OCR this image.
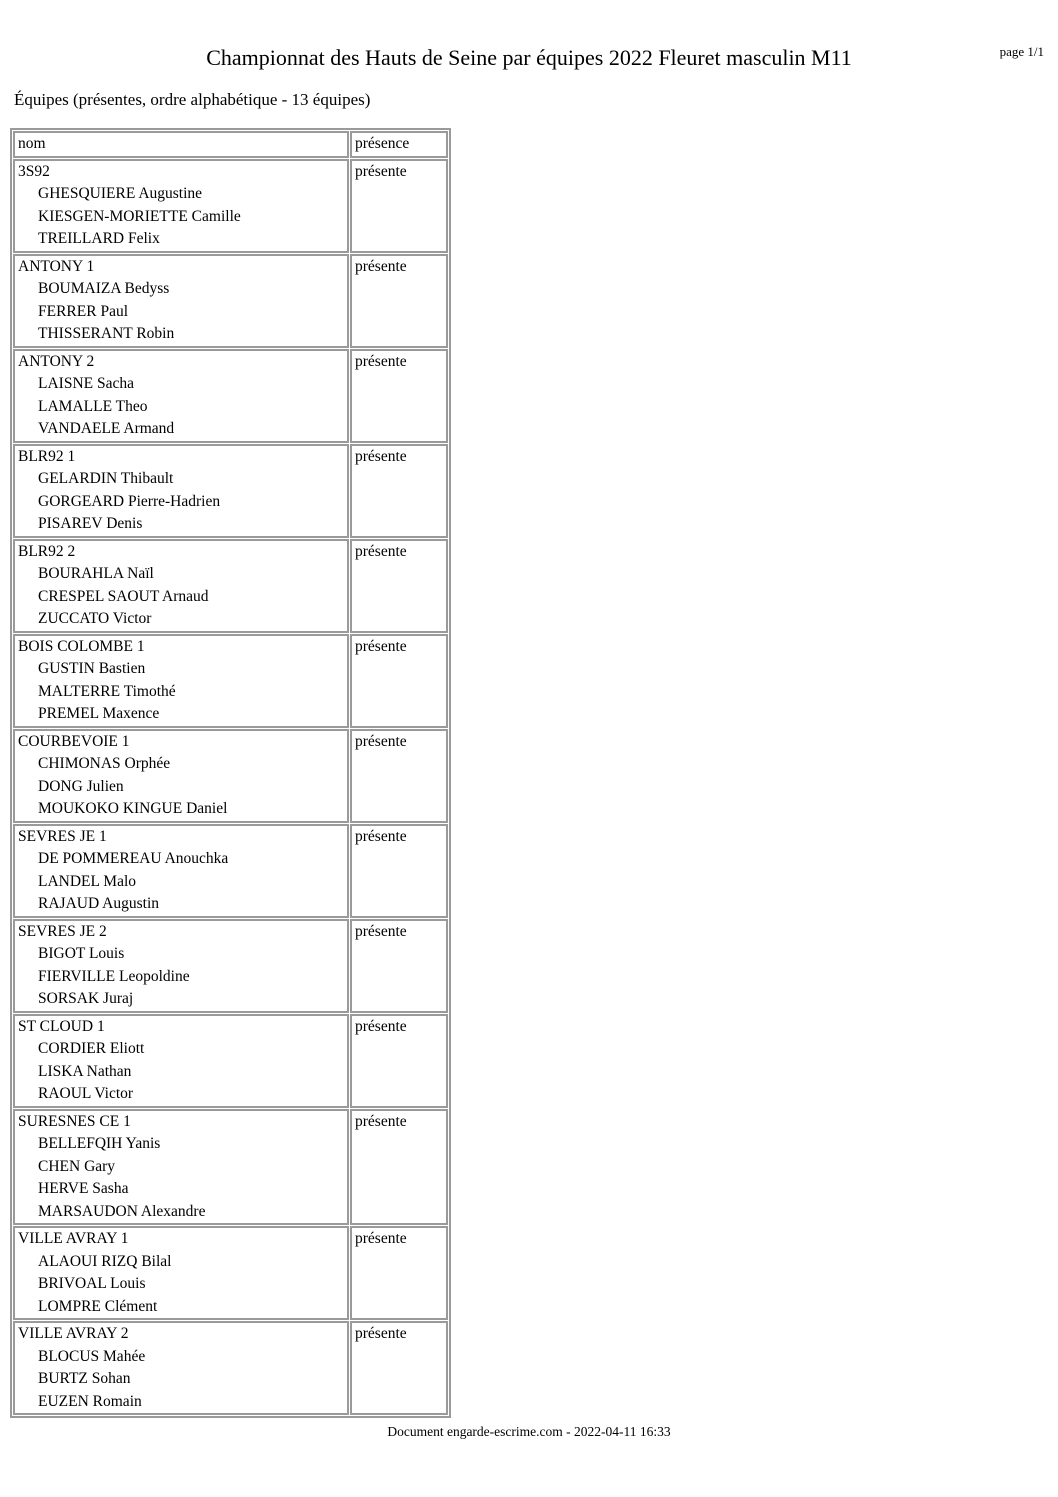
Championnat des Hauts de Seine par équipes 2022 Fleuret masculin M11	page 1/1
Équipes (présentes, ordre alphabétique - 13 équipes)
nom	présence

3S92
GHESQUIERE Augustine
KIESGEN-MORIETTE Camille
TREILLARD Felix	présente

ANTONY 1
BOUMAIZA Bedyss
FERRER Paul
THISSERANT Robin	présente

ANTONY 2
LAISNE Sacha
LAMALLE Theo
VANDAELE Armand	présente

BLR92 1
GELARDIN Thibault
GORGEARD Pierre-Hadrien
PISAREV Denis	présente

BLR92 2
BOURAHLA Naïl
CRESPEL SAOUT Arnaud
ZUCCATO Victor	présente

BOIS COLOMBE 1
GUSTIN Bastien
MALTERRE Timothé
PREMEL Maxence	présente

COURBEVOIE 1
CHIMONAS Orphée
DONG Julien
MOUKOKO KINGUE Daniel	présente

SEVRES JE 1
DE POMMEREAU Anouchka
LANDEL Malo
RAJAUD Augustin	présente

SEVRES JE 2
BIGOT Louis
FIERVILLE Leopoldine
SORSAK Juraj	présente

ST CLOUD 1
CORDIER Eliott
LISKA Nathan
RAOUL Victor	présente

SURESNES CE 1
BELLEFQIH Yanis
CHEN Gary
HERVE Sasha
MARSAUDON Alexandre	présente

VILLE AVRAY 1
ALAOUI RIZQ Bilal
BRIVOAL Louis
LOMPRE Clément	présente

VILLE AVRAY 2
BLOCUS Mahée
BURTZ Sohan
EUZEN Romain	présente
Document engarde-escrime.com - 2022-04-11 16:33
